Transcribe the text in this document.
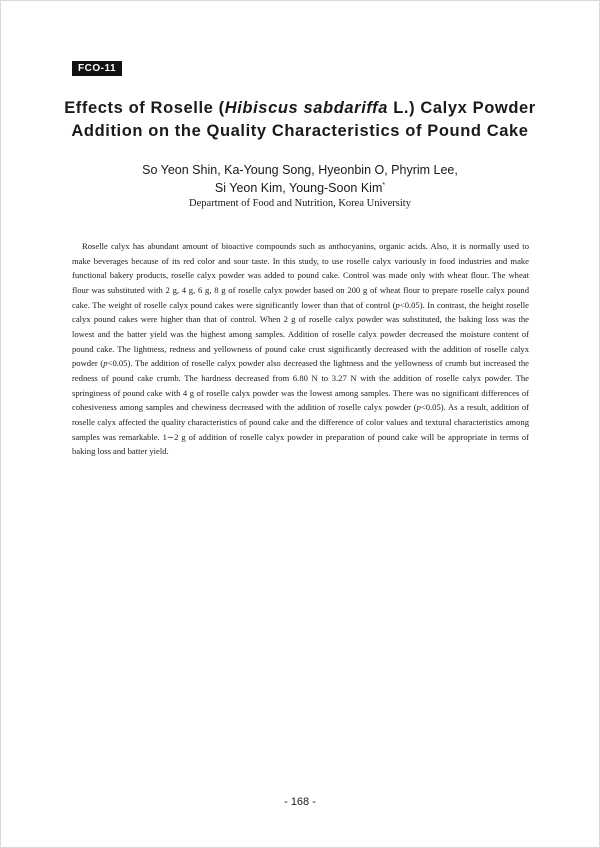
FCO-11
Effects of Roselle (Hibiscus sabdariffa L.) Calyx Powder
Addition on the Quality Characteristics of Pound Cake
So Yeon Shin, Ka-Young Song, Hyeonbin O, Phyrim Lee,
Si Yeon Kim, Young-Soon Kim*
Department of Food and Nutrition, Korea University

Roselle calyx has abundant amount of bioactive compounds such as anthocyanins, organic acids. Also, it is normally used to make beverages because of its red color and sour taste. In this study, to use roselle calyx variously in food industries and make functional bakery products, roselle calyx powder was added to pound cake. Control was made only with wheat flour. The wheat flour was substituted with 2 g, 4 g, 6 g, 8 g of roselle calyx powder based on 200 g of wheat flour to prepare roselle calyx pound cake. The weight of roselle calyx pound cakes were significantly lower than that of control (p<0.05). In contrast, the height roselle calyx pound cakes were higher than that of control. When 2 g of roselle calyx powder was substituted, the baking loss was the lowest and the batter yield was the highest among samples. Addition of roselle calyx powder decreased the moisture content of pound cake. The lightness, redness and yellowness of pound cake crust significantly decreased with the addition of roselle calyx powder (p<0.05). The addition of roselle calyx powder also decreased the lightness and the yellowness of crumb but increased the redness of pound cake crumb. The hardness decreased from 6.80 N to 3.27 N with the addition of roselle calyx powder. The springiness of pound cake with 4 g of roselle calyx powder was the lowest among samples. There was no significant differences of cohesiveness among samples and chewiness decreased with the addition of roselle calyx powder (p<0.05). As a result, addition of roselle calyx affected the quality characteristics of pound cake and the difference of color values and textural characteristics among samples was remarkable. 1∼2 g of addition of roselle calyx powder in preparation of pound cake will be appropriate in terms of baking loss and batter yield.

- 168 -
